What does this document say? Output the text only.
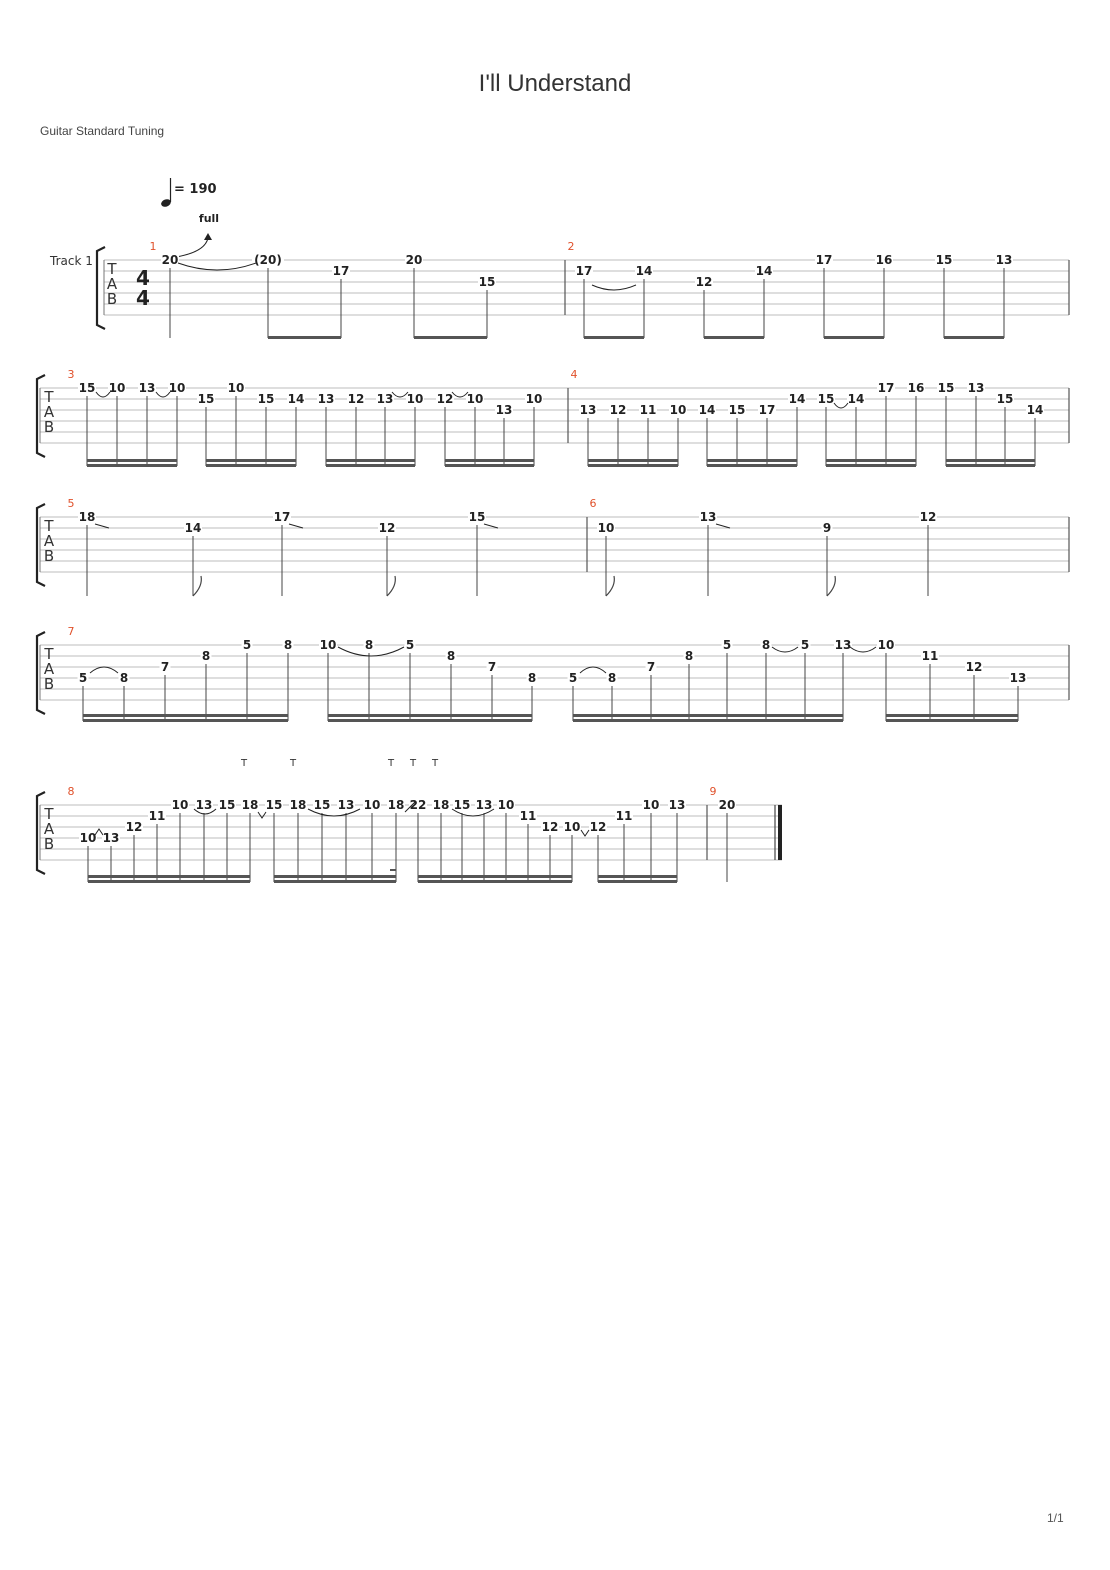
I'll Understand
Guitar Standard Tuning
T
A
B
Track 1
4
4
= 190
full
1
20	(20)
17
20
15
2
17	14
12
14
17	16	15	13
T
A
B
3
15 10 13 10
15
10
15 14 13 12 13 10 12 10
13
10
4
13 12 11 10 14 15 17
14 15 14
17 16 15 13
15
14
T
A
B
5
18
14
17
12
15
6
10
13
9
12
T
A
B
7
5	8
7
8
5	8 10 8	5
8
7
8	5	8
7
8
5	8	5 13 10
11
12
13
T
A
B
8
10 13
12
11
10 13 15 18 15 18 15 13 10 18 22 18 15 13 10
11
12 10 12
11
10 13
9
20
T	T	T T T
1/1
